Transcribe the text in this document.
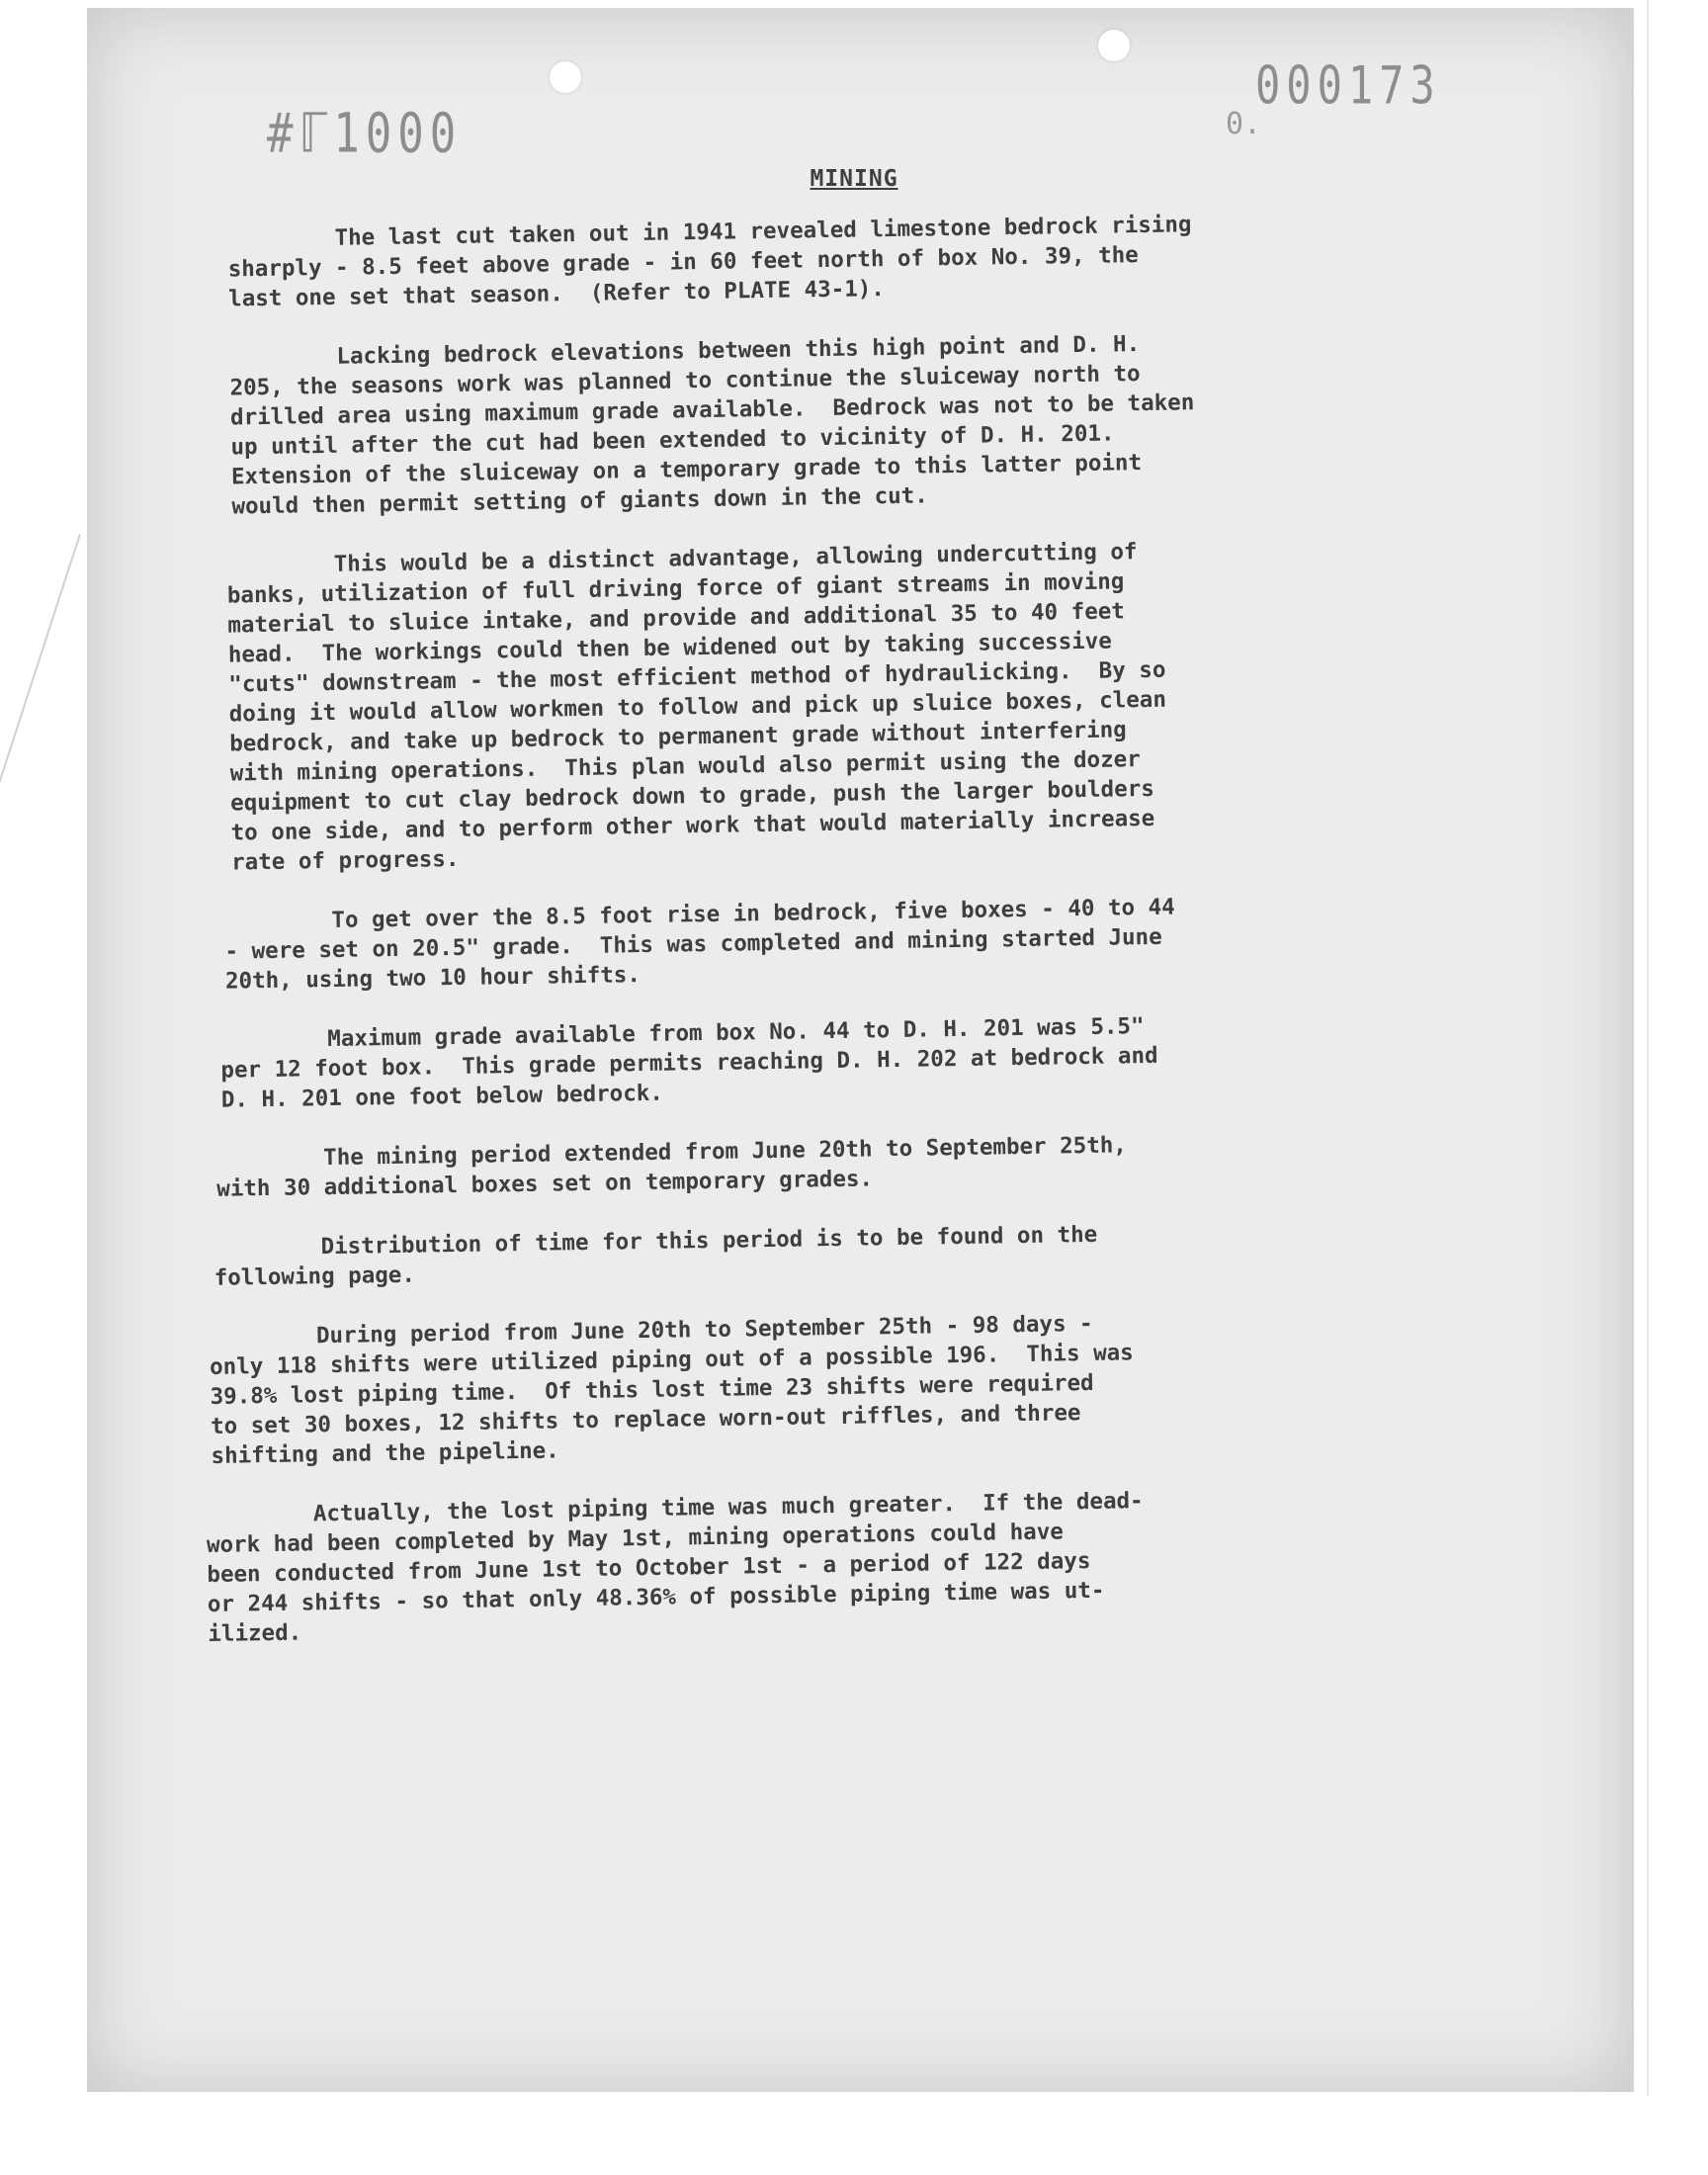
#ℾ1000
000173
0.
MINING

The last cut taken out in 1941 revealed limestone bedrock rising
sharply - 8.5 feet above grade - in 60 feet north of box No. 39, the
last one set that season.  (Refer to PLATE 43-1).

Lacking bedrock elevations between this high point and D. H.
205, the seasons work was planned to continue the sluiceway north to
drilled area using maximum grade available.  Bedrock was not to be taken
up until after the cut had been extended to vicinity of D. H. 201.
Extension of the sluiceway on a temporary grade to this latter point
would then permit setting of giants down in the cut.

This would be a distinct advantage, allowing undercutting of
banks, utilization of full driving force of giant streams in moving
material to sluice intake, and provide and additional 35 to 40 feet
head.  The workings could then be widened out by taking successive
"cuts" downstream - the most efficient method of hydraulicking.  By so
doing it would allow workmen to follow and pick up sluice boxes, clean
bedrock, and take up bedrock to permanent grade without interfering
with mining operations.  This plan would also permit using the dozer
equipment to cut clay bedrock down to grade, push the larger boulders
to one side, and to perform other work that would materially increase
rate of progress.

To get over the 8.5 foot rise in bedrock, five boxes - 40 to 44
- were set on 20.5" grade.  This was completed and mining started June
20th, using two 10 hour shifts.

Maximum grade available from box No. 44 to D. H. 201 was 5.5"
per 12 foot box.  This grade permits reaching D. H. 202 at bedrock and
D. H. 201 one foot below bedrock.

The mining period extended from June 20th to September 25th,
with 30 additional boxes set on temporary grades.

Distribution of time for this period is to be found on the
following page.

During period from June 20th to September 25th - 98 days -
only 118 shifts were utilized piping out of a possible 196.  This was
39.8% lost piping time.  Of this lost time 23 shifts were required
to set 30 boxes, 12 shifts to replace worn-out riffles, and three
shifting and the pipeline.

Actually, the lost piping time was much greater.  If the dead-
work had been completed by May 1st, mining operations could have
been conducted from June 1st to October 1st - a period of 122 days
or 244 shifts - so that only 48.36% of possible piping time was ut-
ilized.
